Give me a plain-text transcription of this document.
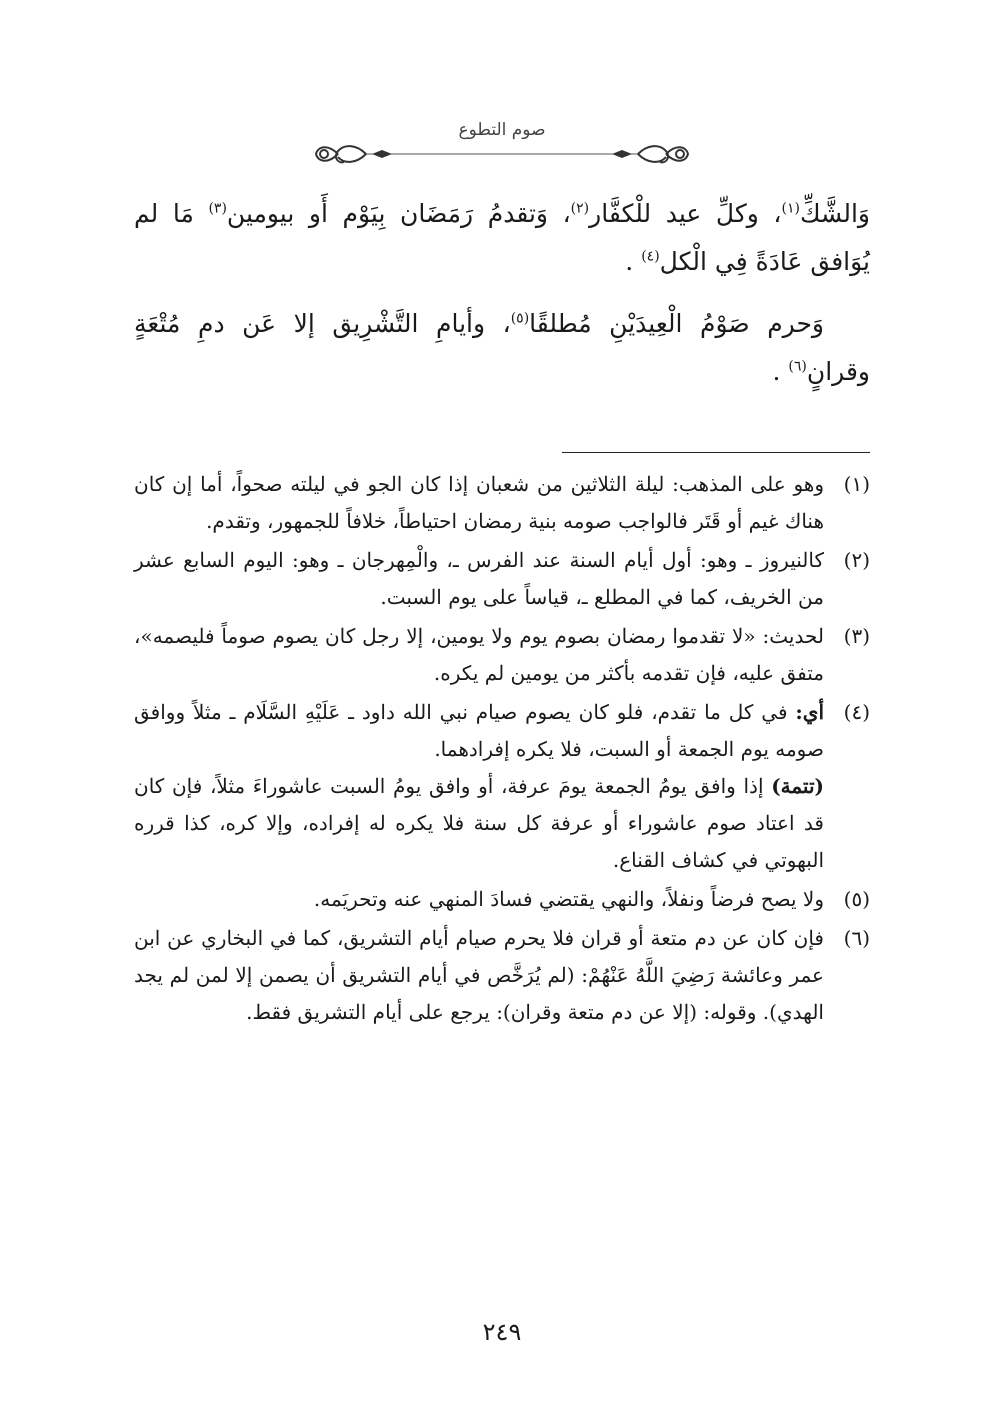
صوم التطوع

وَالشَّكِّ$^{(١)}$، وكلِّ عيد للْكفَّار$^{(٢)}$، وَتقدمُ رَمَضَان بِيَوْم أَو بيومين$^{(٣)}$ مَا لم يُوَافق عَادَةً فِي الْكل$^{(٤)}$ .

وَحرم صَوْمُ الْعِيدَيْنِ مُطلقًا$^{(٥)}$، وأيامِ التَّشْرِيق إلا عَن دمِ مُتْعَةٍ وقرانٍ$^{(٦)}$ .

(١)

وهو على المذهب: ليلة الثلاثين من شعبان إذا كان الجو في ليلته صحواً، أما إن كان هناك غيم أو قَتَر فالواجب صومه بنية رمضان احتياطاً، خلافاً للجمهور، وتقدم.

(٢)

كالنيروز ـ وهو: أول أيام السنة عند الفرس ـ، والْمِهرجان ـ وهو: اليوم السابع عشر من الخريف، كما في المطلع ـ، قياساً على يوم السبت.

(٣)

لحديث: «لا تقدموا رمضان بصوم يوم ولا يومين، إلا رجل كان يصوم صوماً فليصمه»، متفق عليه، فإن تقدمه بأكثر من يومين لم يكره.

(٤)

أي: في كل ما تقدم، فلو كان يصوم صيام نبي الله داود ـ عَلَيْهِ السَّلَام ـ مثلاً ووافق صومه يوم الجمعة أو السبت، فلا يكره إفرادهما.

(تتمة) إذا وافق يومُ الجمعة يومَ عرفة، أو وافق يومُ السبت عاشوراءَ مثلاً، فإن كان قد اعتاد صوم عاشوراء أو عرفة كل سنة فلا يكره له إفراده، وإلا كره، كذا قرره البهوتي في كشاف القناع.

(٥)

ولا يصح فرضاً ونفلاً، والنهي يقتضي فسادَ المنهي عنه وتحريَمه.

(٦)

فإن كان عن دم متعة أو قران فلا يحرم صيام أيام التشريق، كما في البخاري عن ابن عمر وعائشة رَضِيَ اللَّهُ عَنْهُمْ: (لم يُرَخَّص في أيام التشريق أن يصمن إلا لمن لم يجد الهدي). وقوله: (إلا عن دم متعة وقران): يرجع على أيام التشريق فقط.

٢٤٩
